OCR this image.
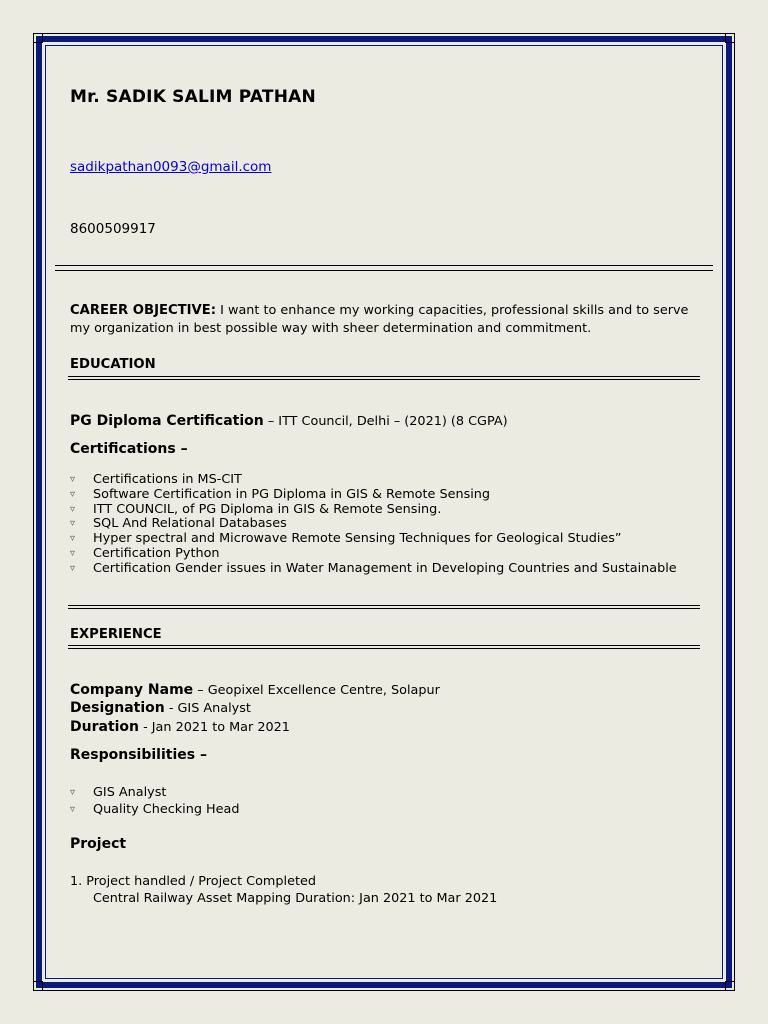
Mr. SADIK SALIM PATHAN
sadikpathan0093@gmail.com
8600509917
CAREER OBJECTIVE: I want to enhance my working capacities, professional skills and to serve my organization in best possible way with sheer determination and commitment.
EDUCATION
PG Diploma Certification – ITT Council, Delhi – (2021) (8 CGPA)
Certifications –
▿ Certifications in MS-CIT
▿ Software Certification in PG Diploma in GIS & Remote Sensing
▿ ITT COUNCIL, of PG Diploma in GIS & Remote Sensing.
▿ SQL And Relational Databases
▿ Hyper spectral and Microwave Remote Sensing Techniques for Geological Studies”
▿ Certification Python
▿ Certification Gender issues in Water Management in Developing Countries and Sustainable
EXPERIENCE
Company Name – Geopixel Excellence Centre, Solapur
Designation - GIS Analyst
Duration - Jan 2021 to Mar 2021
Responsibilities –
▿ GIS Analyst
▿ Quality Checking Head
Project
1. Project handled / Project Completed
Central Railway Asset Mapping Duration: Jan 2021 to Mar 2021
